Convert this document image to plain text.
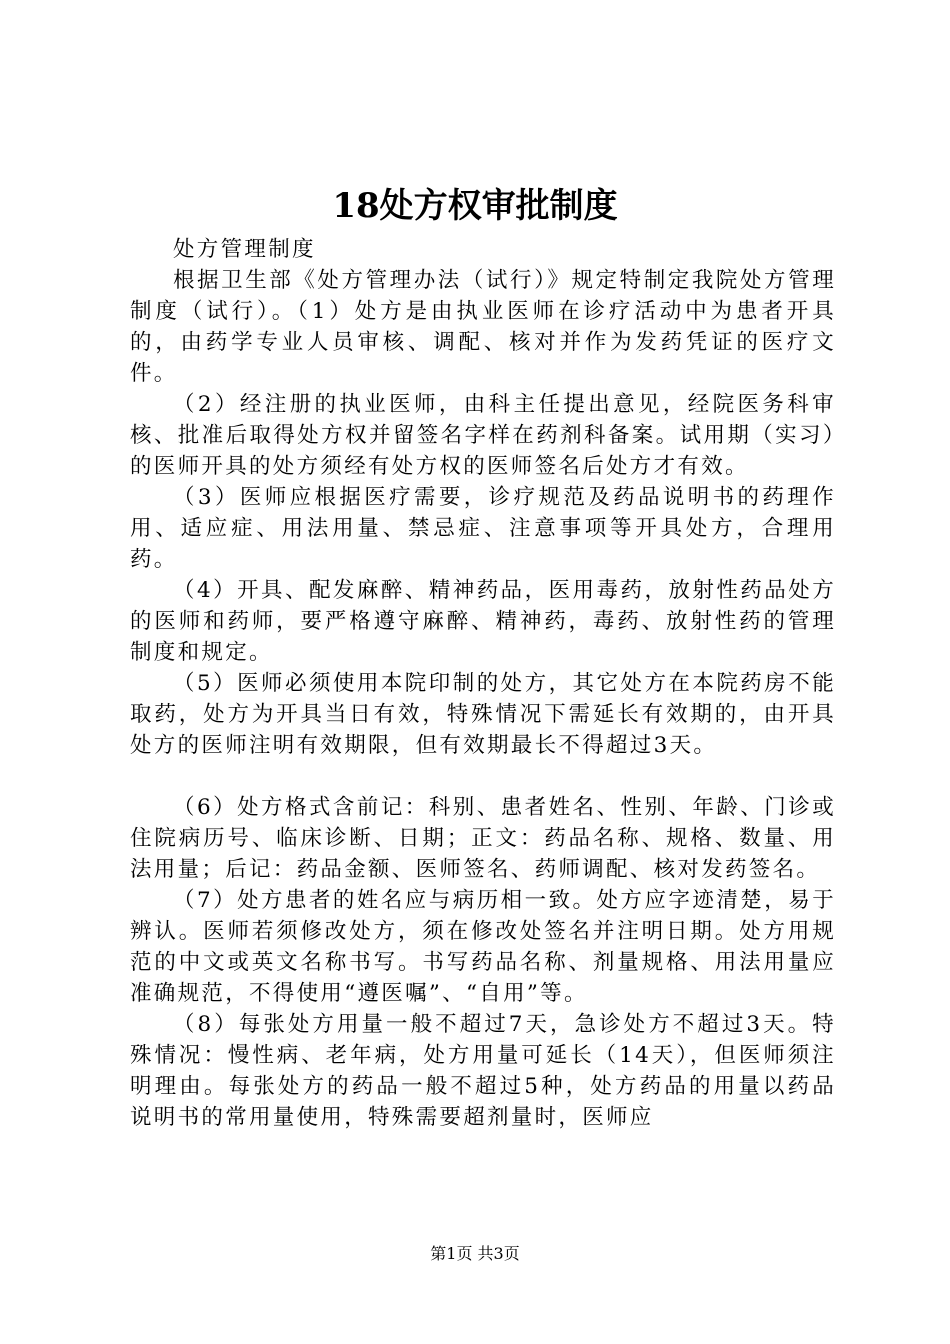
18处方权审批制度

处方管理制度

根据卫生部《处方管理办法（试行）》规定特制定我院处方管理制度（试行）。（1）处方是由执业医师在诊疗活动中为患者开具的，由药学专业人员审核、调配、核对并作为发药凭证的医疗文件。

（2）经注册的执业医师，由科主任提出意见，经院医务科审核、批准后取得处方权并留签名字样在药剂科备案。试用期（实习）的医师开具的处方须经有处方权的医师签名后处方才有效。

（3）医师应根据医疗需要，诊疗规范及药品说明书的药理作用、适应症、用法用量、禁忌症、注意事项等开具处方，合理用药。

（4）开具、配发麻醉、精神药品，医用毒药，放射性药品处方的医师和药师，要严格遵守麻醉、精神药，毒药、放射性药的管理制度和规定。

（5）医师必须使用本院印制的处方，其它处方在本院药房不能取药，处方为开具当日有效，特殊情况下需延长有效期的，由开具处方的医师注明有效期限，但有效期最长不得超过3天。

（6）处方格式含前记：科别、患者姓名、性别、年龄、门诊或住院病历号、临床诊断、日期；正文：药品名称、规格、数量、用法用量；后记：药品金额、医师签名、药师调配、核对发药签名。

（7）处方患者的姓名应与病历相一致。处方应字迹清楚，易于辨认。医师若须修改处方，须在修改处签名并注明日期。处方用规范的中文或英文名称书写。书写药品名称、剂量规格、用法用量应准确规范，不得使用“遵医嘱”、“自用”等。

（8）每张处方用量一般不超过7天，急诊处方不超过3天。特殊情况：慢性病、老年病，处方用量可延长（14天），但医师须注明理由。每张处方的药品一般不超过5种，处方药品的用量以药品说明书的常用量使用，特殊需要超剂量时，医师应

第1页 共3页
